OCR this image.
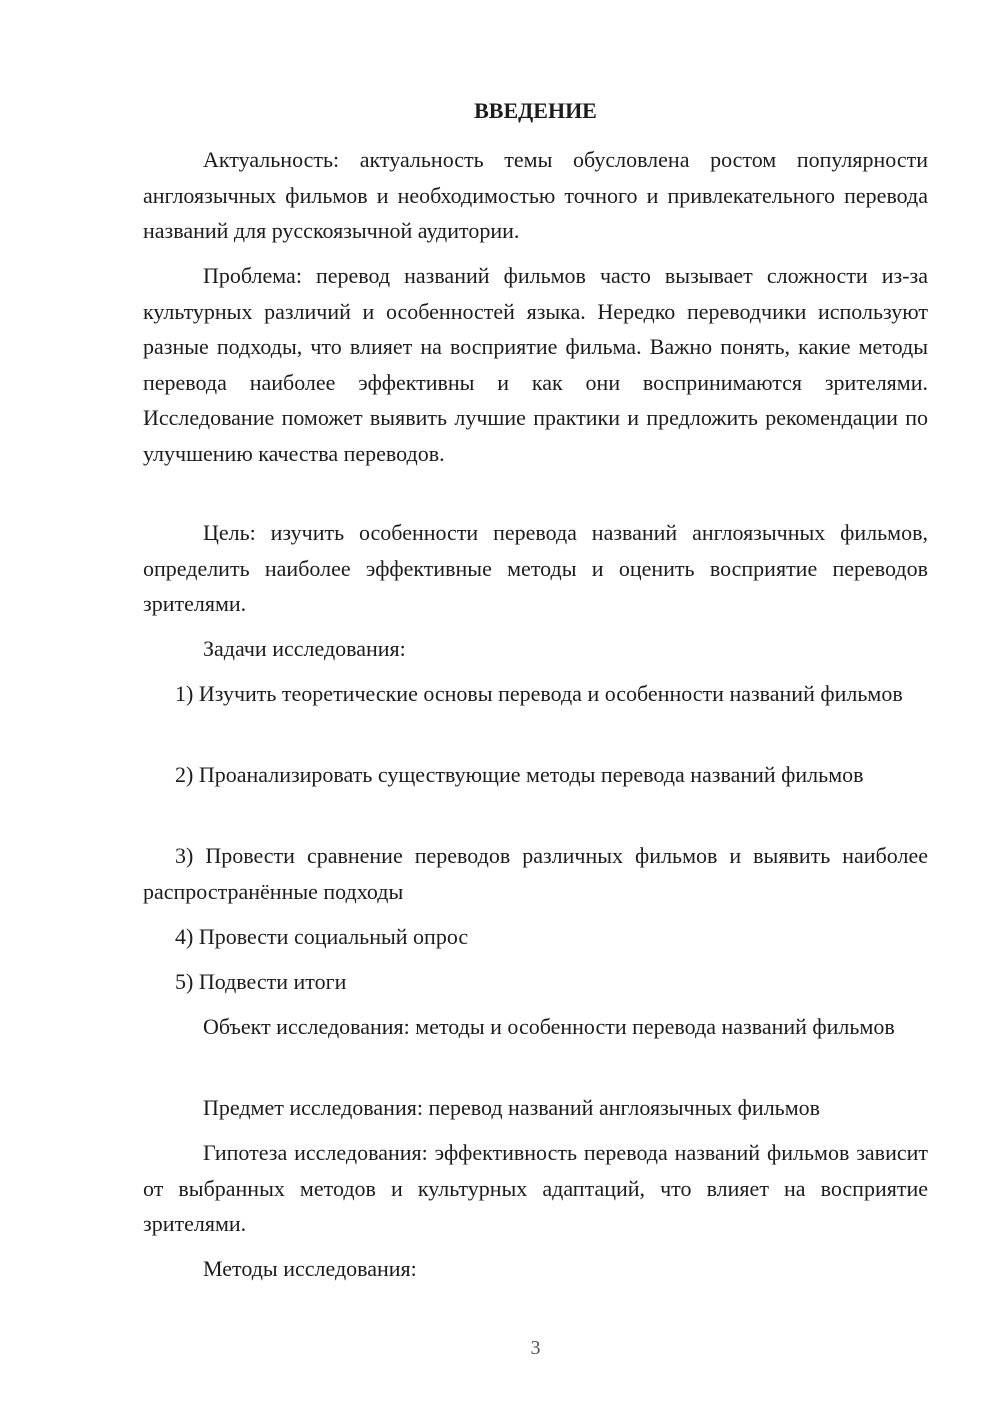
ВВЕДЕНИЕ

Актуальность: актуальность темы обусловлена ростом популярности англоязычных фильмов и необходимостью точного и привлекательного перевода названий для русскоязычной аудитории.

Проблема: перевод названий фильмов часто вызывает сложности из-за культурных различий и особенностей языка. Нередко переводчики используют разные подходы, что влияет на восприятие фильма. Важно понять, какие методы перевода наиболее эффективны и как они воспринимаются зрителями. Исследование поможет выявить лучшие практики и предложить рекомендации по улучшению качества переводов.

Цель: изучить особенности перевода названий англоязычных фильмов, определить наиболее эффективные методы и оценить восприятие переводов зрителями.

Задачи исследования:

1) Изучить теоретические основы перевода и особенности названий фильмов

2) Проанализировать существующие методы перевода названий фильмов

3) Провести сравнение переводов различных фильмов и выявить наиболее распространённые подходы

4) Провести социальный опрос

5) Подвести итоги

Объект исследования: методы и особенности перевода названий фильмов

Предмет исследования: перевод названий англоязычных фильмов

Гипотеза исследования: эффективность перевода названий фильмов зависит от выбранных методов и культурных адаптаций, что влияет на восприятие зрителями.

Методы исследования:

3
